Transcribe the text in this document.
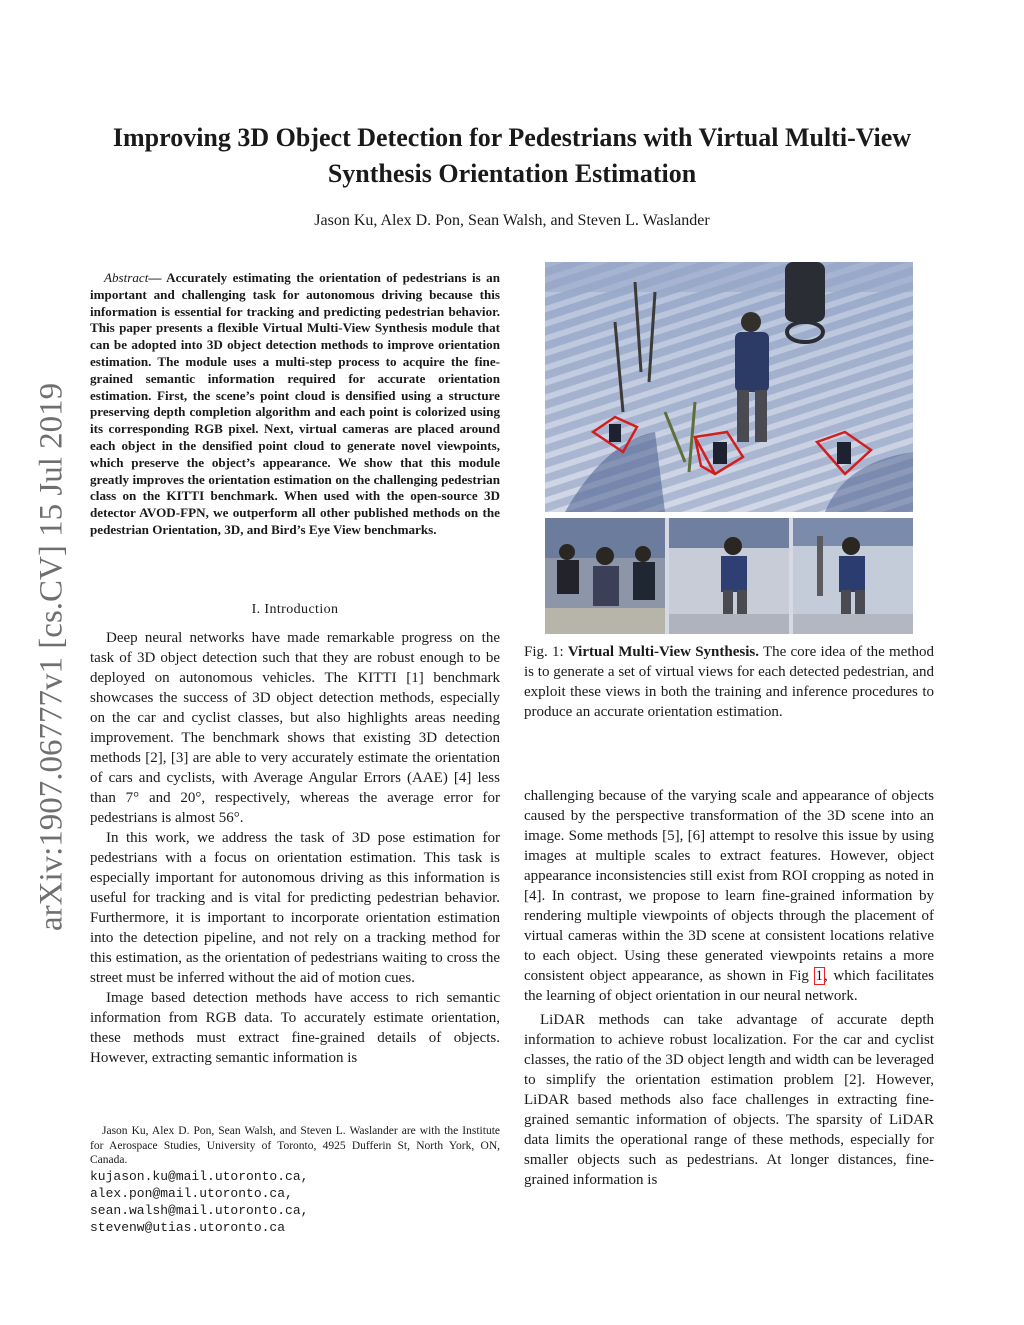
arXiv:1907.06777v1 [cs.CV] 15 Jul 2019
Improving 3D Object Detection for Pedestrians with Virtual Multi-View
Synthesis Orientation Estimation
Jason Ku, Alex D. Pon, Sean Walsh, and Steven L. Waslander
Abstract— Accurately estimating the orientation of pedestrians is an important and challenging task for autonomous driving because this information is essential for tracking and predicting pedestrian behavior. This paper presents a flexible Virtual Multi-View Synthesis module that can be adopted into 3D object detection methods to improve orientation estimation. The module uses a multi-step process to acquire the fine-grained semantic information required for accurate orientation estimation. First, the scene’s point cloud is densified using a structure preserving depth completion algorithm and each point is colorized using its corresponding RGB pixel. Next, virtual cameras are placed around each object in the densified point cloud to generate novel viewpoints, which preserve the object’s appearance. We show that this module greatly improves the orientation estimation on the challenging pedestrian class on the KITTI benchmark. When used with the open-source 3D detector AVOD-FPN, we outperform all other published methods on the pedestrian Orientation, 3D, and Bird’s Eye View benchmarks.
I. Introduction

Deep neural networks have made remarkable progress on the task of 3D object detection such that they are robust enough to be deployed on autonomous vehicles. The KITTI [1] benchmark showcases the success of 3D object detection methods, especially on the car and cyclist classes, but also highlights areas needing improvement. The benchmark shows that existing 3D detection methods [2], [3] are able to very accurately estimate the orientation of cars and cyclists, with Average Angular Errors (AAE) [4] less than 7° and 20°, respectively, whereas the average error for pedestrians is almost 56°.

In this work, we address the task of 3D pose estimation for pedestrians with a focus on orientation estimation. This task is especially important for autonomous driving as this information is useful for tracking and is vital for predicting pedestrian behavior. Furthermore, it is important to incorporate orientation estimation into the detection pipeline, and not rely on a tracking method for this estimation, as the orientation of pedestrians waiting to cross the street must be inferred without the aid of motion cues.

Image based detection methods have access to rich semantic information from RGB data. To accurately estimate orientation, these methods must extract fine-grained details of objects. However, extracting semantic information is

Jason Ku, Alex D. Pon, Sean Walsh, and Steven L. Waslander are with the Institute for Aerospace Studies, University of Toronto, 4925 Dufferin St, North York, ON, Canada.

kujason.ku@mail.utoronto.ca,

alex.pon@mail.utoronto.ca,

sean.walsh@mail.utoronto.ca,

stevenw@utias.utoronto.ca

Fig. 1: Virtual Multi-View Synthesis. The core idea of the method is to generate a set of virtual views for each detected pedestrian, and exploit these views in both the training and inference procedures to produce an accurate orientation estimation.

challenging because of the varying scale and appearance of objects caused by the perspective transformation of the 3D scene into an image. Some methods [5], [6] attempt to resolve this issue by using images at multiple scales to extract features. However, object appearance inconsistencies still exist from ROI cropping as noted in [4]. In contrast, we propose to learn fine-grained information by rendering multiple viewpoints of objects through the placement of virtual cameras within the 3D scene at consistent locations relative to each object. Using these generated viewpoints retains a more consistent object appearance, as shown in Fig 1, which facilitates the learning of object orientation in our neural network.

LiDAR methods can take advantage of accurate depth information to achieve robust localization. For the car and cyclist classes, the ratio of the 3D object length and width can be leveraged to simplify the orientation estimation problem [2]. However, LiDAR based methods also face challenges in extracting fine-grained semantic information of objects. The sparsity of LiDAR data limits the operational range of these methods, especially for smaller objects such as pedestrians. At longer distances, fine-grained information is
